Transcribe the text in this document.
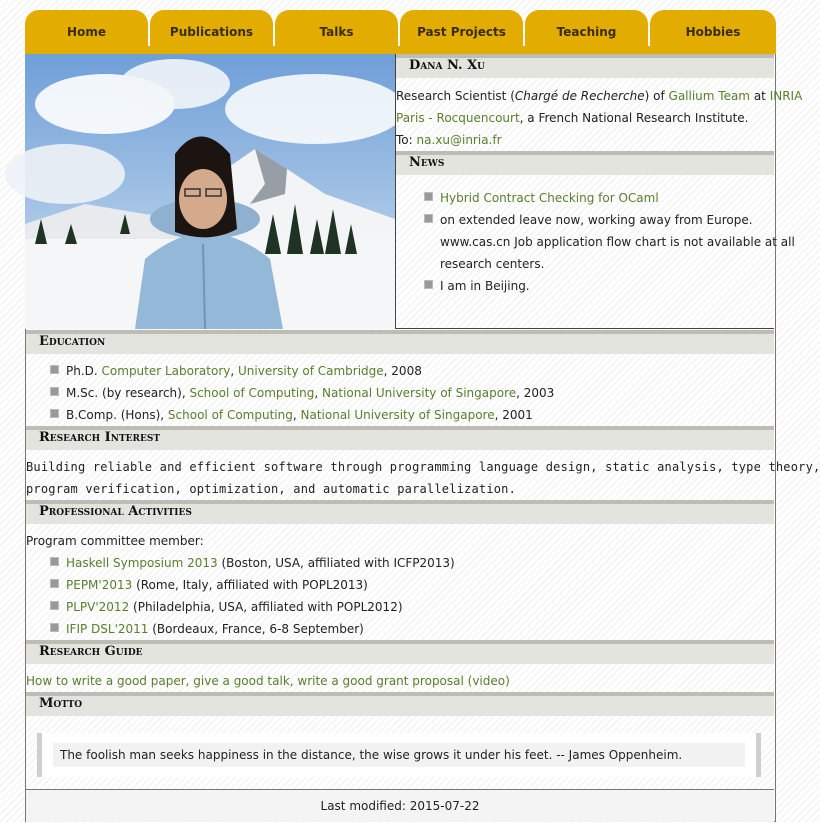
Home	Publications	Talks	Past Projects	Teaching	Hobbies
Dana N. Xu
Research Scientist (Chargé de Recherche) of Gallium Team at INRIA
Paris - Rocquencourt, a French National Research Institute.
To: na.xu@inria.fr
News
Hybrid Contract Checking for OCaml
on extended leave now, working away from Europe.
www.cas.cn Job application flow chart is not available at all
research centers.
I am in Beijing.
Education
Ph.D. Computer Laboratory, University of Cambridge, 2008
M.Sc. (by research), School of Computing, National University of Singapore, 2003
B.Comp. (Hons), School of Computing, National University of Singapore, 2001
Research Interest
Building reliable and efficient software through programming language design, static analysis, type theory,
program verification, optimization, and automatic parallelization.
Professional Activities
Program committee member:
Haskell Symposium 2013 (Boston, USA, affiliated with ICFP2013)
PEPM'2013 (Rome, Italy, affiliated with POPL2013)
PLPV'2012 (Philadelphia, USA, affiliated with POPL2012)
IFIP DSL'2011 (Bordeaux, France, 6-8 September)
Research Guide
How to write a good paper, give a good talk, write a good grant proposal (video)
Motto
The foolish man seeks happiness in the distance, the wise grows it under his feet. -- James Oppenheim.
Last modified: 2015-07-22
